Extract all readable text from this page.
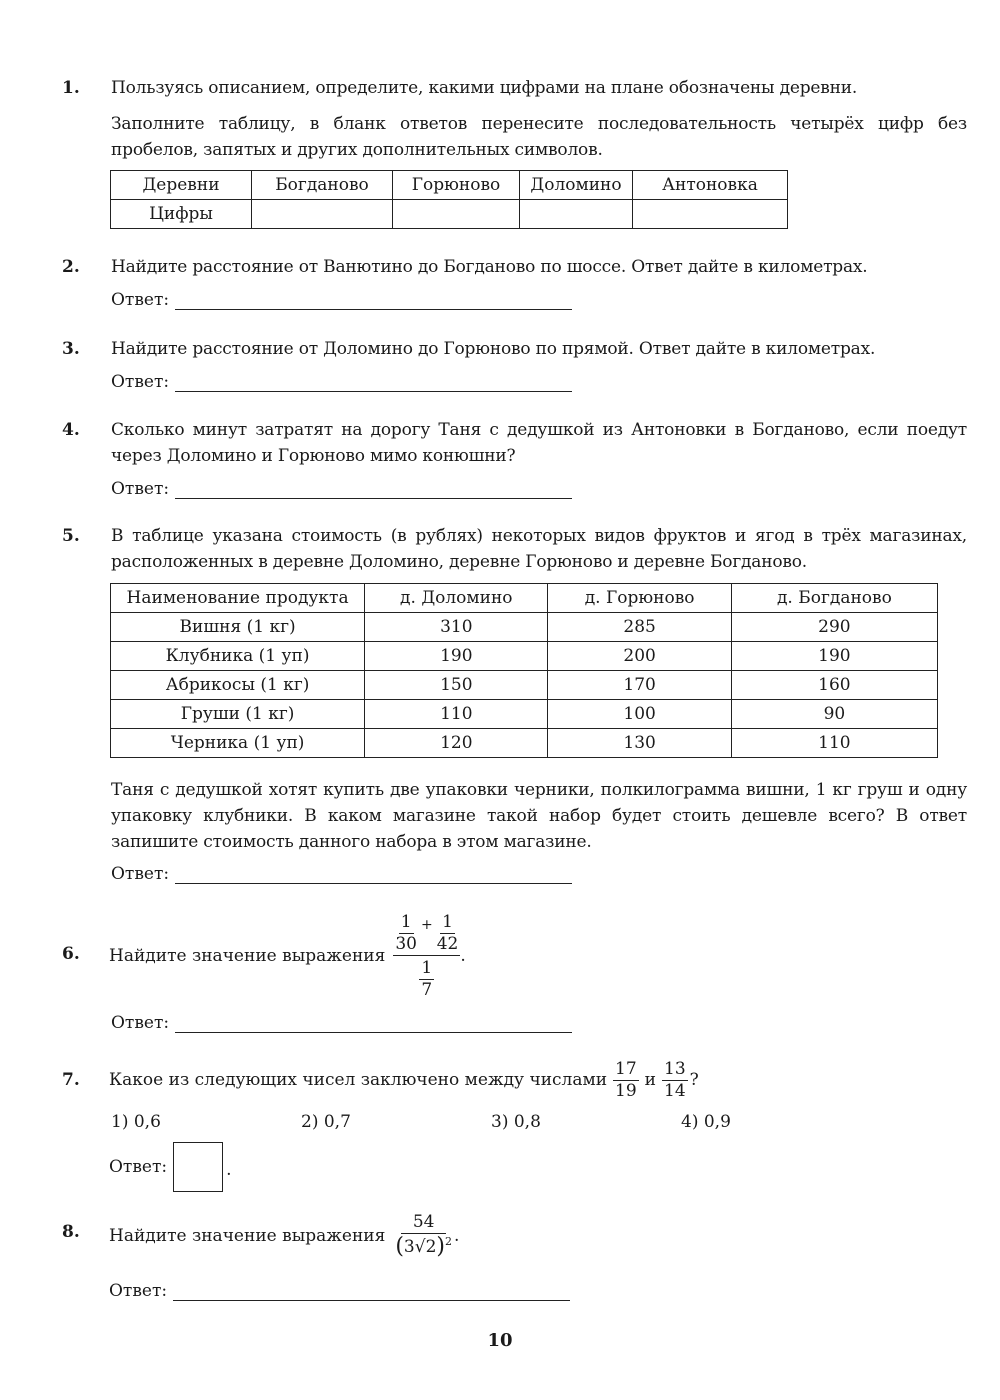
1. Пользуясь описанием, определите, какими цифрами на плане обозначены деревни.
Заполните таблицу, в бланк ответов перенесите последовательность четырёх цифр без пробелов, запятых и других дополнительных символов.
Деревни	Богданово	Горюново	Доломино	Антоновка
Цифры				
2. Найдите расстояние от Ванютино до Богданово по шоссе. Ответ дайте в километрах.
Ответ:
3. Найдите расстояние от Доломино до Горюново по прямой. Ответ дайте в километрах.
Ответ:
4. Сколько минут затратят на дорогу Таня с дедушкой из Антоновки в Богданово, если поедут через Доломино и Горюново мимо конюшни?
Ответ:
5. В таблице указана стоимость (в рублях) некоторых видов фруктов и ягод в трёх магазинах, расположенных в деревне Доломино, деревне Горюново и деревне Богданово.
Наименование продукта	д. Доломино	д. Горюново	д. Богданово
Вишня (1 кг)	310	285	290
Клубника (1 уп)	190	200	190
Абрикосы (1 кг)	150	170	160
Груши (1 кг)	110	100	90
Черника (1 уп)	120	130	110
Таня с дедушкой хотят купить две упаковки черники, полкилограмма вишни, 1 кг груш и одну упаковку клубники. В каком магазине такой набор будет стоить дешевле всего? В ответ запишите стоимость данного набора в этом магазине.
Ответ:
6. Найдите значение выражения
$\frac{1}{30} + \frac{1}{42}$
$\frac{1}{7}$
.
Ответ:
7. Какое из следующих чисел заключено между числами $\frac{17}{19}$ и $\frac{13}{14}$ ?
1) 0,6	2) 0,7	3) 0,8	4) 0,9
Ответ:	.
8. Найдите значение выражения $\frac{54}{( 3√2 ) 2}$ .
Ответ:
10
